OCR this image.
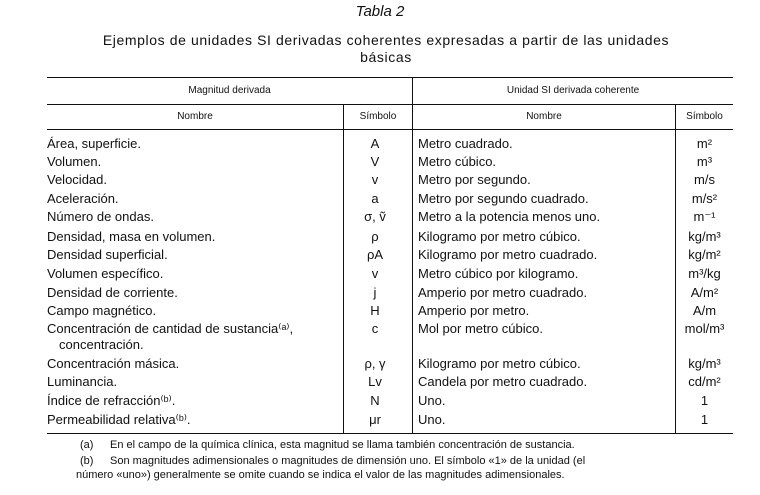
Tabla 2
Ejemplos de unidades SI derivadas coherentes expresadas a partir de las unidades
básicas
Magnitud derivada	Unidad SI derivada coherente
Nombre	Símbolo	Nombre	Símbolo
Área, superficie.	A	Metro cuadrado.	m²
Volumen.	V	Metro cúbico.	m³
Velocidad.	v	Metro por segundo.	m/s
Aceleración.	a	Metro por segundo cuadrado.	m/s²
Número de ondas.	σ, ṽ	Metro a la potencia menos uno.	m⁻¹
Densidad, masa en volumen.	ρ	Kilogramo por metro cúbico.	kg/m³
Densidad superficial.	ρA	Kilogramo por metro cuadrado.	kg/m²
Volumen específico.	v	Metro cúbico por kilogramo.	m³/kg
Densidad de corriente.	j	Amperio por metro cuadrado.	A/m²
Campo magnético.	H	Amperio por metro.	A/m
Concentración de cantidad de sustancia⁽ᵃ⁾,
concentración.
c	Mol por metro cúbico.	mol/m³
Concentración másica.	ρ, γ	Kilogramo por metro cúbico.	kg/m³
Luminancia.	Lv	Candela por metro cuadrado.	cd/m²
Índice de refracción⁽ᵇ⁾.	N	Uno.	1
Permeabilidad relativa⁽ᵇ⁾.	μr	Uno.	1
(a) En el campo de la química clínica, esta magnitud se llama también concentración de sustancia.
(b) Son magnitudes adimensionales o magnitudes de dimensión uno. El símbolo «1» de la unidad (el
número «uno») generalmente se omite cuando se indica el valor de las magnitudes adimensionales.
